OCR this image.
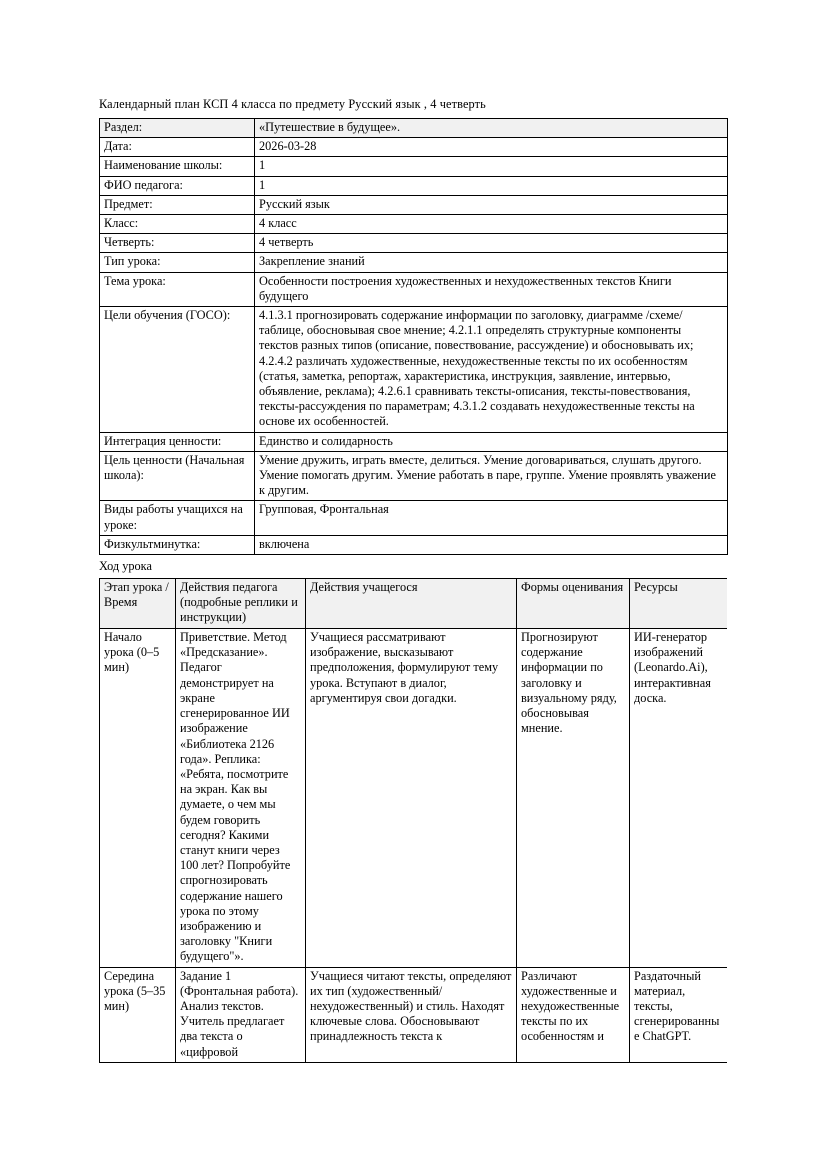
Календарный план КСП 4 класса по предмету Русский язык , 4 четверть

Раздел:	«Путешествие в будущее».
Дата:	2026-03-28
Наименование школы:	1
ФИО педагога:	1
Предмет:	Русский язык
Класс:	4 класс
Четверть:	4 четверть
Тип урока:	Закрепление знаний
Тема урока:	Особенности построения художественных и нехудожественных текстов Книги будущего
Цели обучения (ГОСО):	4.1.3.1 прогнозировать содержание информации по заголовку, диаграмме /схеме/ таблице, обосновывая свое мнение; 4.2.1.1 определять структурные компоненты текстов разных типов (описание, повествование, рассуждение) и обосновывать их; 4.2.4.2 различать художественные, нехудожественные тексты по их особенностям (статья, заметка, репортаж, характеристика, инструкция, заявление, интервью, объявление, реклама); 4.2.6.1 сравнивать тексты-описания, тексты-повествования, тексты-рассуждения по параметрам; 4.3.1.2 создавать нехудожественные тексты на основе их особенностей.
Интеграция ценности:	Единство и солидарность
Цель ценности (Начальная школа):	Умение дружить, играть вместе, делиться. Умение договариваться, слушать другого. Умение помогать другим. Умение работать в паре, группе. Умение проявлять уважение к другим.
Виды работы учащихся на уроке:	Групповая, Фронтальная
Физкультминутка:	включена

Ход урока

Этап урока / Время	Действия педагога (подробные реплики и инструкции)	Действия учащегося	Формы оценивания	Ресурсы
Начало урока (0–5 мин)	Приветствие. Метод «Предсказание». Педагог демонстрирует на экране сгенерированное ИИ изображение «Библиотека 2126 года». Реплика: «Ребята, посмотрите на экран. Как вы думаете, о чем мы будем говорить сегодня? Какими станут книги через 100 лет? Попробуйте спрогнозировать содержание нашего урока по этому изображению и заголовку "Книги будущего"».	Учащиеся рассматривают изображение, высказывают предположения, формулируют тему урока. Вступают в диалог, аргументируя свои догадки.	Прогнозируют содержание информации по заголовку и визуальному ряду, обосновывая мнение.	ИИ-генератор изображений (Leonardo.Ai), интерактивная доска.
Середина урока (5–35 мин)	Задание 1 (Фронтальная работа). Анализ текстов. Учитель предлагает два текста о «цифровой	Учащиеся читают тексты, определяют их тип (художественный/нехудожественный) и стиль. Находят ключевые слова. Обосновывают принадлежность текста к	Различают художественные и нехудожественные тексты по их особенностям и	Раздаточный материал, тексты, сгенерированные ChatGPT.
